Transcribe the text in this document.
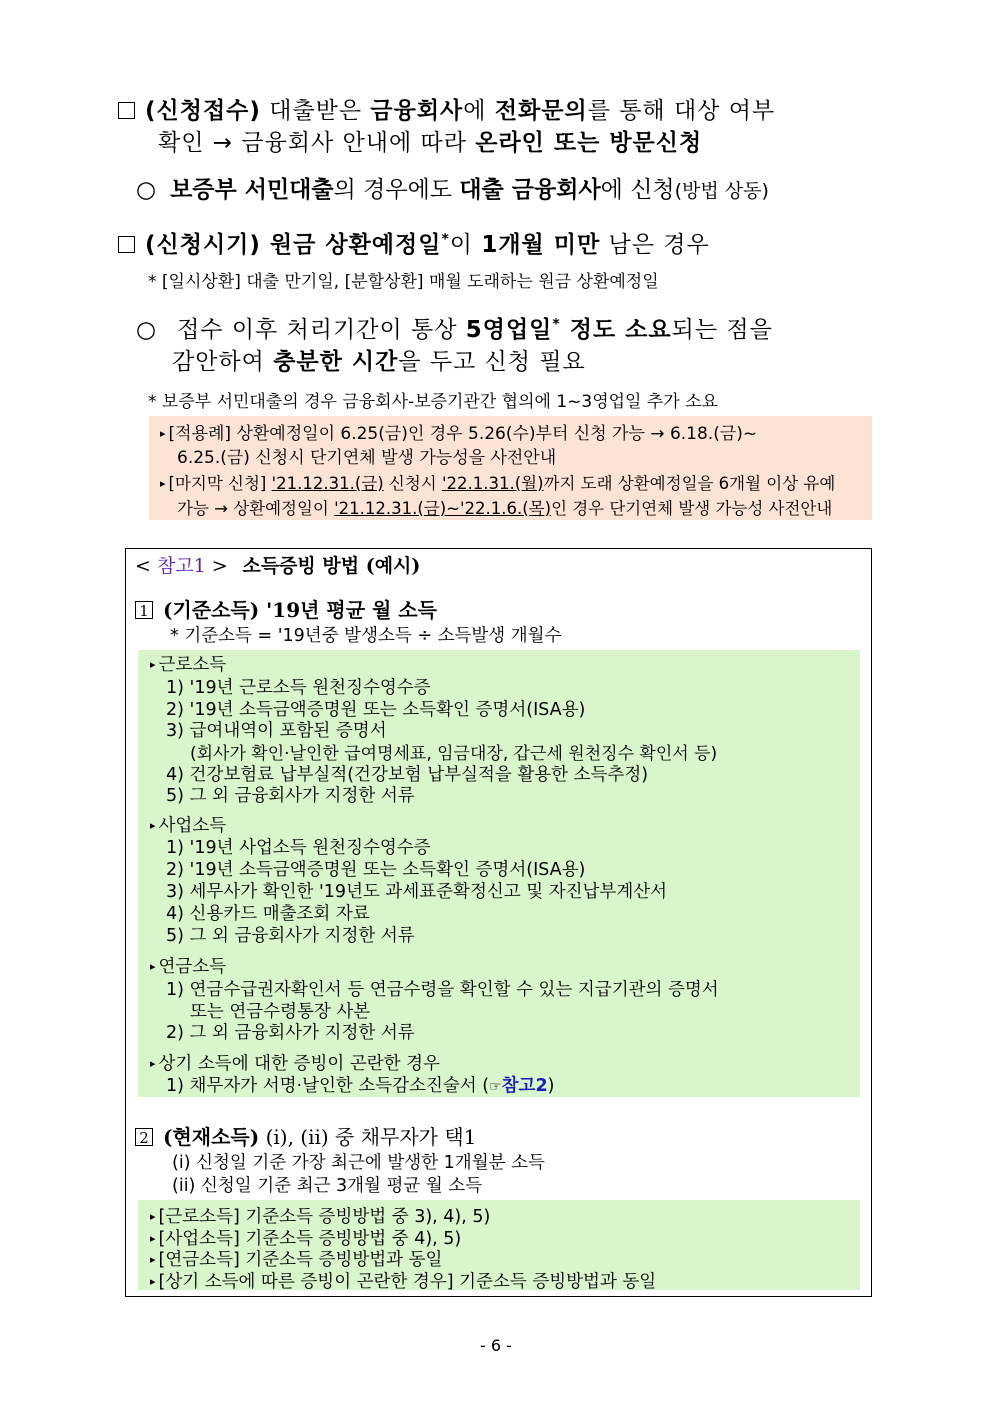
(신청접수) 대출받은 금융회사에 전화문의를 통해 대상 여부
확인 → 금융회사 안내에 따라 온라인 또는 방문신청
○ 보증부 서민대출의 경우에도 대출 금융회사에 신청(방법 상동)
(신청시기) 원금 상환예정일*이 1개월 미만 남은 경우
* [일시상환] 대출 만기일, [분할상환] 매월 도래하는 원금 상환예정일
○ 접수 이후 처리기간이 통상 5영업일* 정도 소요되는 점을
감안하여 충분한 시간을 두고 신청 필요
* 보증부 서민대출의 경우 금융회사-보증기관간 협의에 1~3영업일 추가 소요
▸ [적용례] 상환예정일이 6.25(금)인 경우 5.26(수)부터 신청 가능 → 6.18.(금)~
6.25.(금) 신청시 단기연체 발생 가능성을 사전안내
▸ [마지막 신청] '21.12.31.(금) 신청시 '22.1.31.(월)까지 도래 상환예정일을 6개월 이상 유예
가능 → 상환예정일이 '21.12.31.(금)~'22.1.6.(목)인 경우 단기연체 발생 가능성 사전안내
< 참고1 > 소득증빙 방법 (예시)
1 (기준소득) '19년 평균 월 소득
* 기준소득 = '19년중 발생소득 ÷ 소득발생 개월수
▸ 근로소득
1) '19년 근로소득 원천징수영수증
2) '19년 소득금액증명원 또는 소득확인 증명서(ISA용)
3) 급여내역이 포함된 증명서
(회사가 확인·날인한 급여명세표, 임금대장, 갑근세 원천징수 확인서 등)
4) 건강보험료 납부실적(건강보험 납부실적을 활용한 소득추정)
5) 그 외 금융회사가 지정한 서류
▸ 사업소득
1) '19년 사업소득 원천징수영수증
2) '19년 소득금액증명원 또는 소득확인 증명서(ISA용)
3) 세무사가 확인한 '19년도 과세표준확정신고 및 자진납부계산서
4) 신용카드 매출조회 자료
5) 그 외 금융회사가 지정한 서류
▸ 연금소득
1) 연금수급권자확인서 등 연금수령을 확인할 수 있는 지급기관의 증명서
또는 연금수령통장 사본
2) 그 외 금융회사가 지정한 서류
▸ 상기 소득에 대한 증빙이 곤란한 경우
1) 채무자가 서명·날인한 소득감소진술서 (☞참고2)
2 (현재소득) (i), (ii) 중 채무자가 택1
(i) 신청일 기준 가장 최근에 발생한 1개월분 소득
(ii) 신청일 기준 최근 3개월 평균 월 소득
▸ [근로소득] 기준소득 증빙방법 중 3), 4), 5)
▸ [사업소득] 기준소득 증빙방법 중 4), 5)
▸ [연금소득] 기준소득 증빙방법과 동일
▸ [상기 소득에 따른 증빙이 곤란한 경우] 기준소득 증빙방법과 동일
- 6 -
